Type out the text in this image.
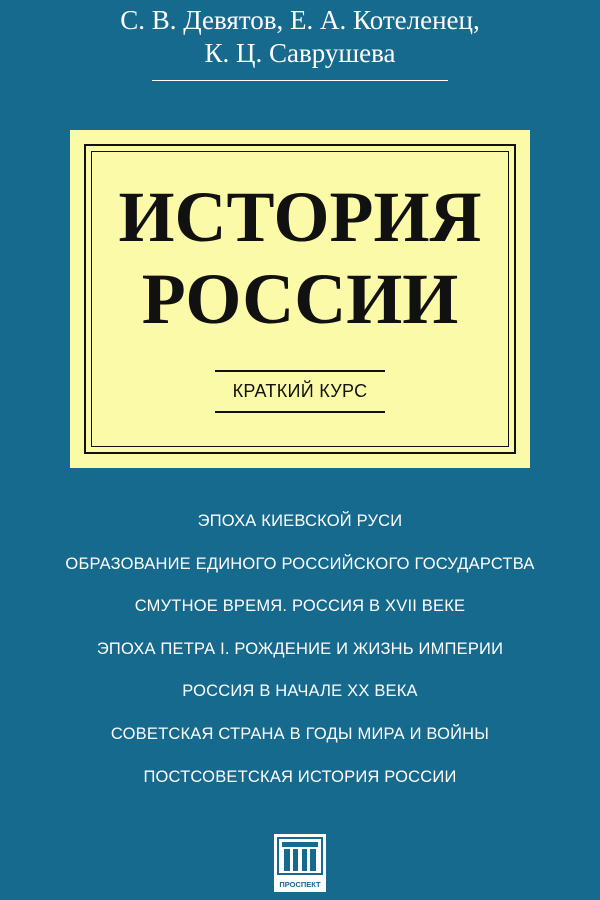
С. В. Девятов, Е. А. Котеленец,
К. Ц. Саврушева
ИСТОРИЯ
РОССИИ
КРАТКИЙ КУРС
ЭПОХА КИЕВСКОЙ РУСИ
ОБРАЗОВАНИЕ ЕДИНОГО РОССИЙСКОГО ГОСУДАРСТВА
СМУТНОЕ ВРЕМЯ. РОССИЯ В XVII ВЕКЕ
ЭПОХА ПЕТРА I. РОЖДЕНИЕ И ЖИЗНЬ ИМПЕРИИ
РОССИЯ В НАЧАЛЕ XX ВЕКА
СОВЕТСКАЯ СТРАНА В ГОДЫ МИРА И ВОЙНЫ
ПОСТСОВЕТСКАЯ ИСТОРИЯ РОССИИ
ПРОСПЕКТ
